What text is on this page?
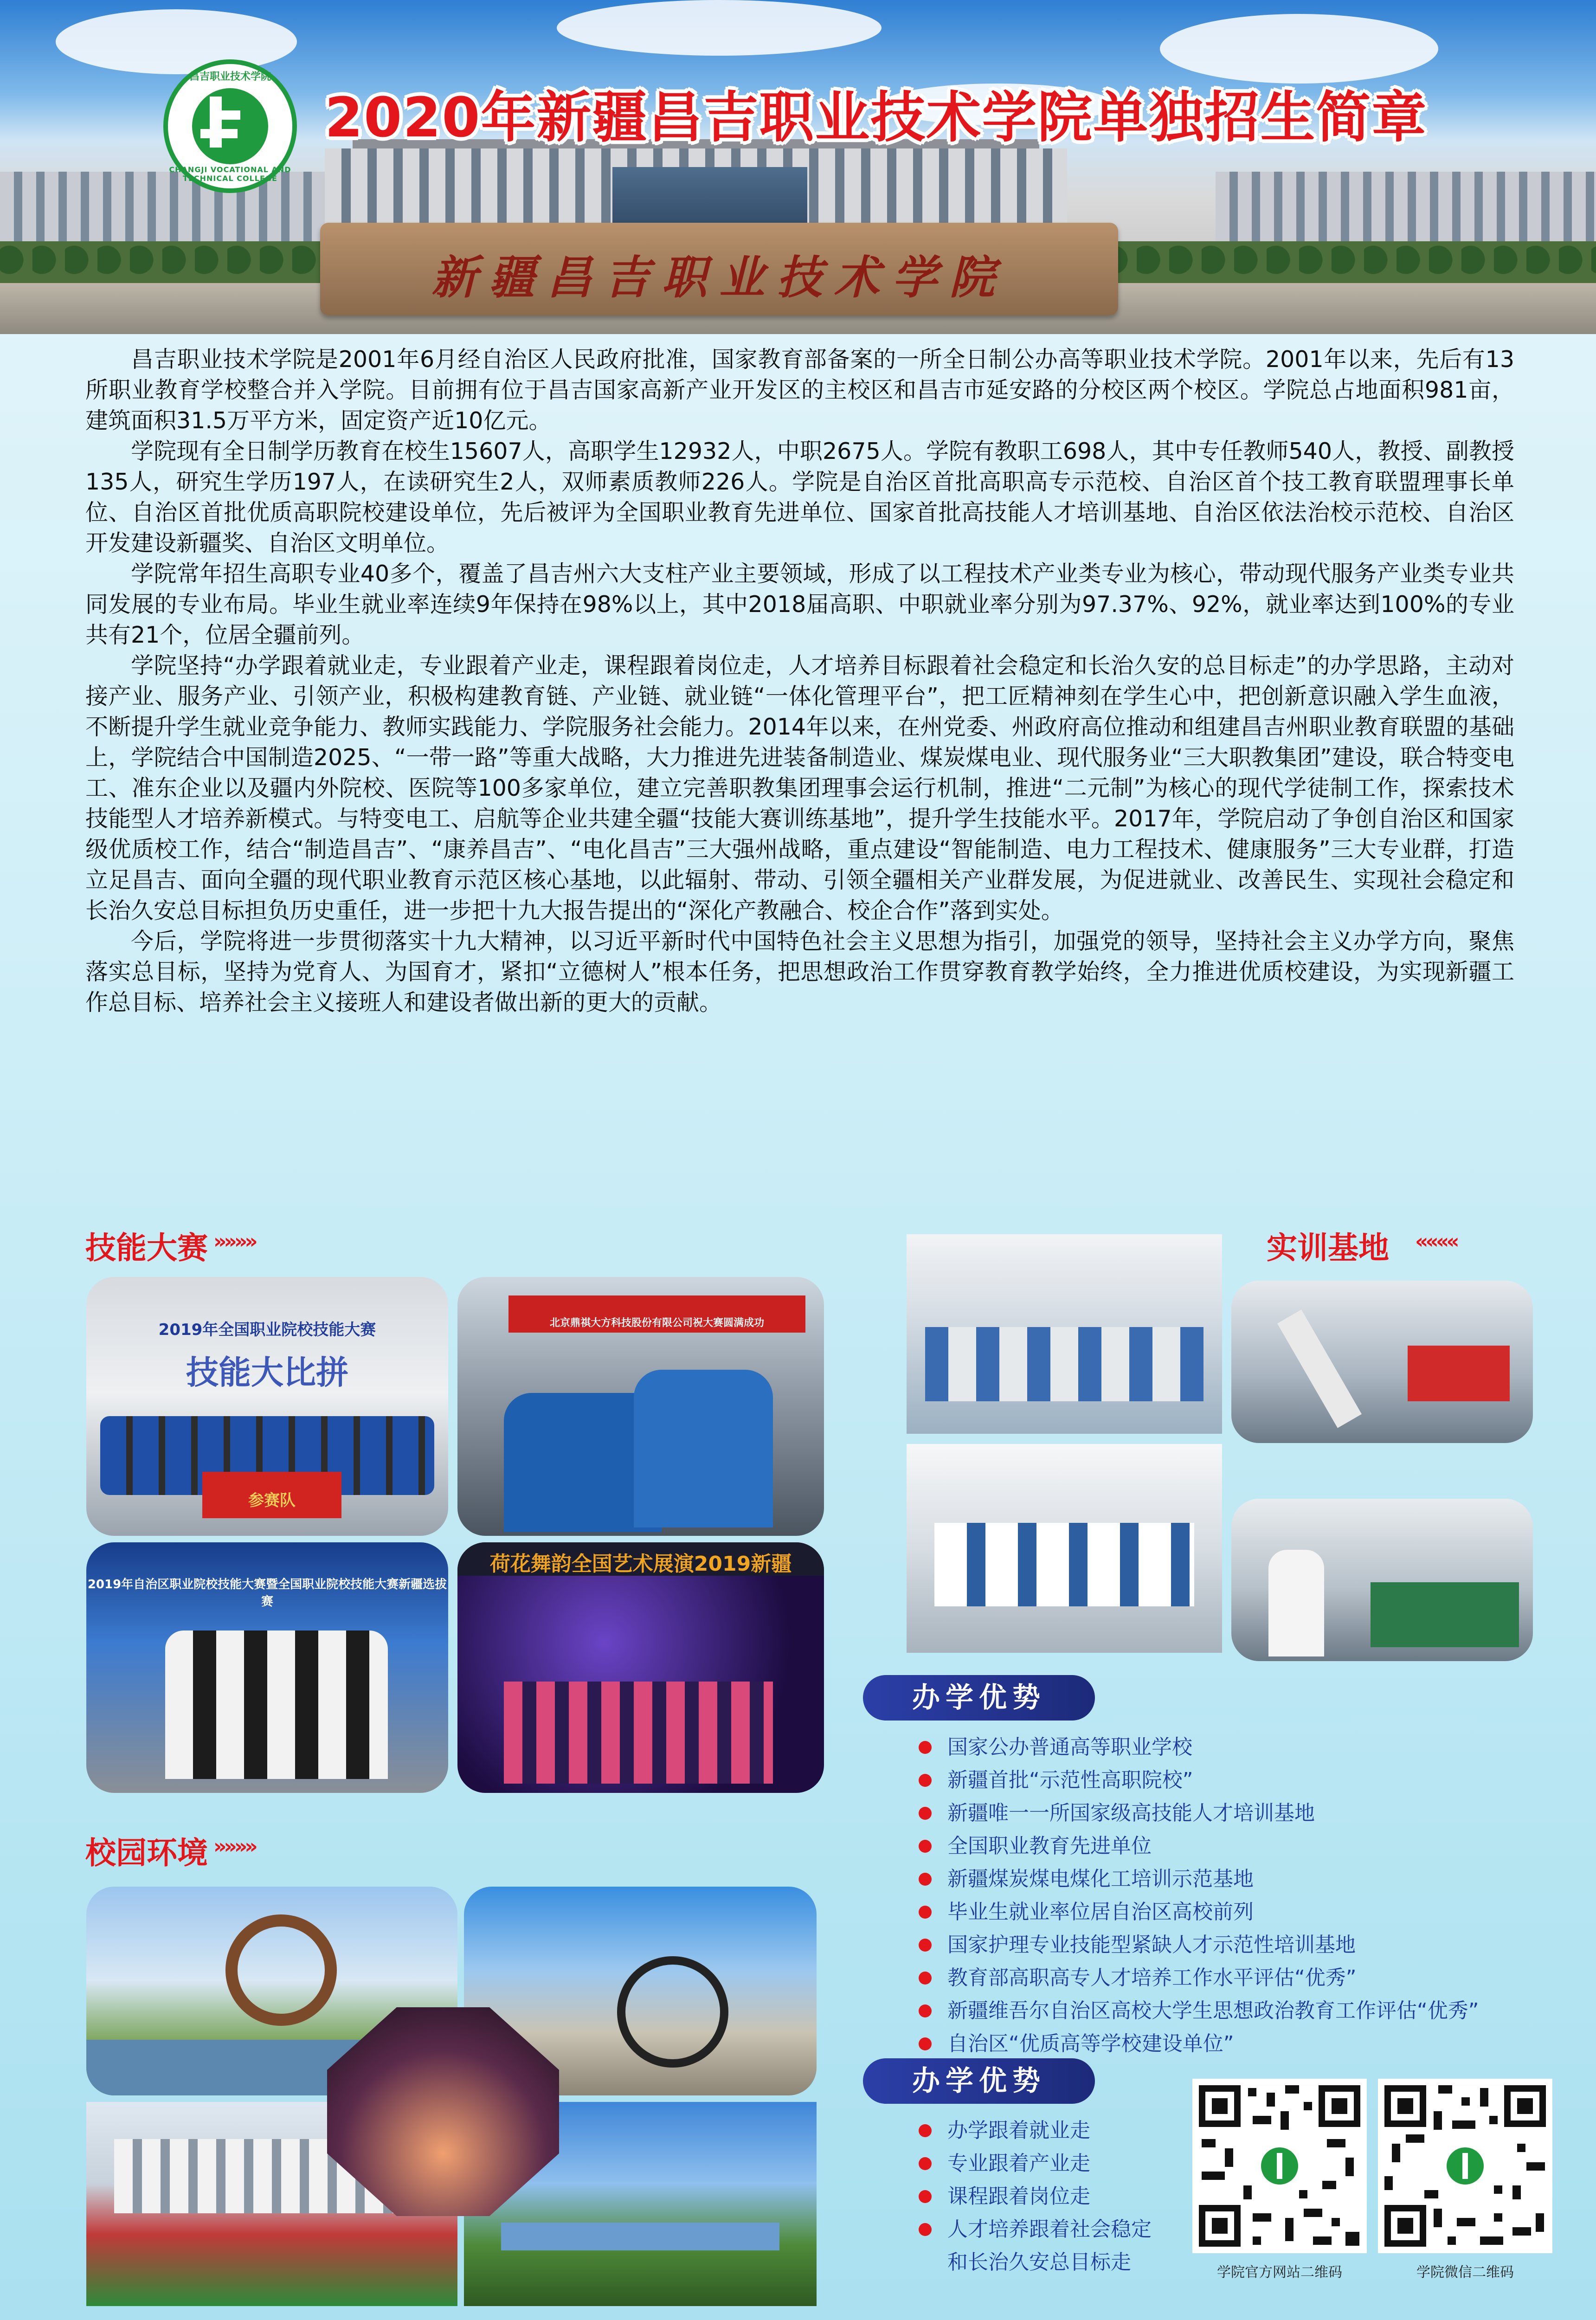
新疆昌吉职业技术学院
昌吉职业技术学院
CHANGJI VOCATIONAL AND TECHNICAL COLLEGE
2020年新疆昌吉职业技术学院单独招生简章

昌吉职业技术学院是2001年6月经自治区人民政府批准，国家教育部备案的一所全日制公办高等职业技术学院。2001年以来，先后有13所职业教育学校整合并入学院。目前拥有位于昌吉国家高新产业开发区的主校区和昌吉市延安路的分校区两个校区。学院总占地面积981亩，建筑面积31.5万平方米，固定资产近10亿元。

学院现有全日制学历教育在校生15607人，高职学生12932人，中职2675人。学院有教职工698人，其中专任教师540人，教授、副教授135人，研究生学历197人，在读研究生2人，双师素质教师226人。学院是自治区首批高职高专示范校、自治区首个技工教育联盟理事长单位、自治区首批优质高职院校建设单位，先后被评为全国职业教育先进单位、国家首批高技能人才培训基地、自治区依法治校示范校、自治区开发建设新疆奖、自治区文明单位。

学院常年招生高职专业40多个，覆盖了昌吉州六大支柱产业主要领域，形成了以工程技术产业类专业为核心，带动现代服务产业类专业共同发展的专业布局。毕业生就业率连续9年保持在98%以上，其中2018届高职、中职就业率分别为97.37%、92%，就业率达到100%的专业共有21个，位居全疆前列。

学院坚持“办学跟着就业走，专业跟着产业走，课程跟着岗位走，人才培养目标跟着社会稳定和长治久安的总目标走”的办学思路，主动对接产业、服务产业、引领产业，积极构建教育链、产业链、就业链“一体化管理平台”，把工匠精神刻在学生心中，把创新意识融入学生血液，不断提升学生就业竞争能力、教师实践能力、学院服务社会能力。2014年以来，在州党委、州政府高位推动和组建昌吉州职业教育联盟的基础上，学院结合中国制造2025、“一带一路”等重大战略，大力推进先进装备制造业、煤炭煤电业、现代服务业“三大职教集团”建设，联合特变电工、准东企业以及疆内外院校、医院等100多家单位，建立完善职教集团理事会运行机制，推进“二元制”为核心的现代学徒制工作，探索技术技能型人才培养新模式。与特变电工、启航等企业共建全疆“技能大赛训练基地”，提升学生技能水平。2017年，学院启动了争创自治区和国家级优质校工作，结合“制造昌吉”、“康养昌吉”、“电化昌吉”三大强州战略，重点建设“智能制造、电力工程技术、健康服务”三大专业群，打造立足昌吉、面向全疆的现代职业教育示范区核心基地，以此辐射、带动、引领全疆相关产业群发展，为促进就业、改善民生、实现社会稳定和长治久安总目标担负历史重任，进一步把十九大报告提出的“深化产教融合、校企合作”落到实处。

今后，学院将进一步贯彻落实十九大精神，以习近平新时代中国特色社会主义思想为指引，加强党的领导，坚持社会主义办学方向，聚焦落实总目标，坚持为党育人、为国育才，紧扣“立德树人”根本任务，把思想政治工作贯穿教育教学始终，全力推进优质校建设，为实现新疆工作总目标、培养社会主义接班人和建设者做出新的更大的贡献。

技能大赛 »»»»	实训基地 ««««
校园环境 »»»»
2019年全国职业院校技能大赛
技能大比拼
参赛队
北京鼎祺大方科技股份有限公司祝大赛圆满成功
2019年自治区职业院校技能大赛暨全国职业院校技能大赛新疆选拔赛
荷花舞韵全国艺术展演2019新疆
办学优势
国家公办普通高等职业学校
新疆首批“示范性高职院校”
新疆唯一一所国家级高技能人才培训基地
全国职业教育先进单位
新疆煤炭煤电煤化工培训示范基地
毕业生就业率位居自治区高校前列
国家护理专业技能型紧缺人才示范性培训基地
教育部高职高专人才培养工作水平评估“优秀”
新疆维吾尔自治区高校大学生思想政治教育工作评估“优秀”
自治区“优质高等学校建设单位”
办学优势
办学跟着就业走
专业跟着产业走
课程跟着岗位走
人才培养跟着社会稳定
和长治久安总目标走	学院官方网站二维码	学院微信二维码
